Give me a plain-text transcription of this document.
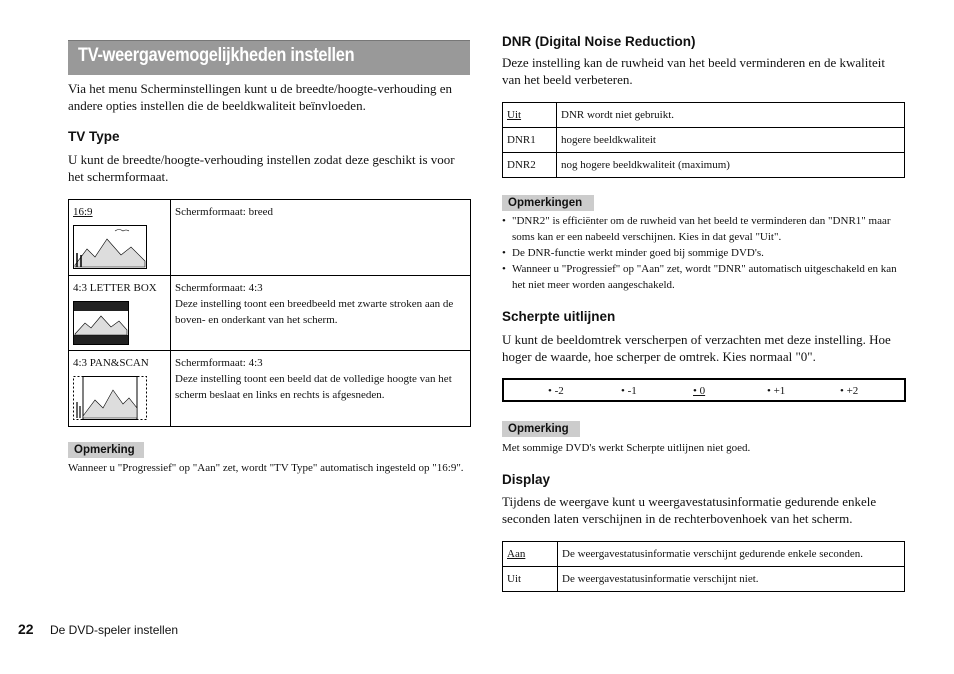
TV-weergavemogelijkheden instellen
Via het menu Scherminstellingen kunt u de breedte/hoogte-verhouding en andere opties instellen die de beeldkwaliteit beïnvloeden.
TV Type
U kunt de breedte/hoogte-verhouding instellen zodat deze geschikt is voor het schermformaat.
16:9	Schermformaat: breed

4:3 LETTER BOX	Schermformaat: 4:3
Deze instelling toont een breedbeeld met zwarte stroken aan de boven- en onderkant van het scherm.

4:3 PAN&SCAN	Schermformaat: 4:3
Deze instelling toont een beeld dat de volledige hoogte van het scherm beslaat en links en rechts is afgesneden.
Opmerking
Wanneer u "Progressief" op "Aan" zet, wordt "TV Type" automatisch ingesteld op "16:9".
DNR (Digital Noise Reduction)
Deze instelling kan de ruwheid van het beeld verminderen en de kwaliteit van het beeld verbeteren.
Uit	DNR wordt niet gebruikt.
DNR1	hogere beeldkwaliteit
DNR2	nog hogere beeldkwaliteit (maximum)
Opmerkingen
• "DNR2" is efficiënter om de ruwheid van het beeld te verminderen dan "DNR1" maar soms kan er een nabeeld verschijnen. Kies in dat geval "Uit".
• De DNR-functie werkt minder goed bij sommige DVD's.
• Wanneer u "Progressief" op "Aan" zet, wordt "DNR" automatisch uitgeschakeld en kan het niet meer worden aangeschakeld.
Scherpte uitlijnen
U kunt de beeldomtrek verscherpen of verzachten met deze instelling. Hoe hoger de waarde, hoe scherper de omtrek. Kies normaal "0".
• -2	• -1	• 0	• +1	• +2
Opmerking
Met sommige DVD's werkt Scherpte uitlijnen niet goed.
Display
Tijdens de weergave kunt u weergavestatusinformatie gedurende enkele seconden laten verschijnen in de rechterbovenhoek van het scherm.
Aan	De weergavestatusinformatie verschijnt gedurende enkele seconden.
Uit	De weergavestatusinformatie verschijnt niet.
22 De DVD-speler instellen
